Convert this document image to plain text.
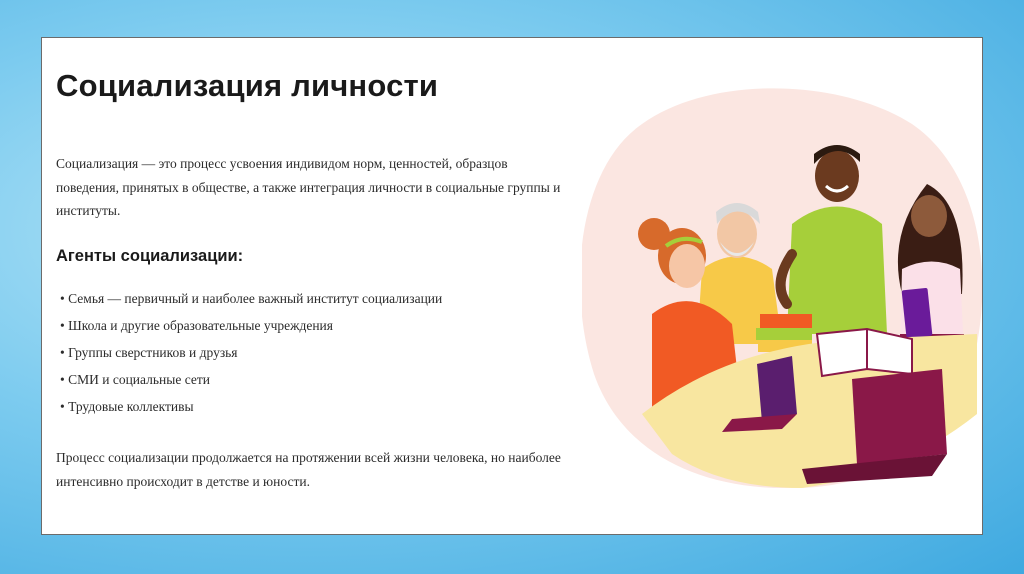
Социализация личности

Социализация — это процесс усвоения индивидом норм, ценностей, образцов поведения, принятых в обществе, а также интеграция личности в социальные группы и институты.

Агенты социализации:
• Семья — первичный и наиболее важный институт социализации
• Школа и другие образовательные учреждения
• Группы сверстников и друзья
• СМИ и социальные сети
• Трудовые коллективы

Процесс социализации продолжается на протяжении всей жизни человека, но наиболее интенсивно происходит в детстве и юности.
